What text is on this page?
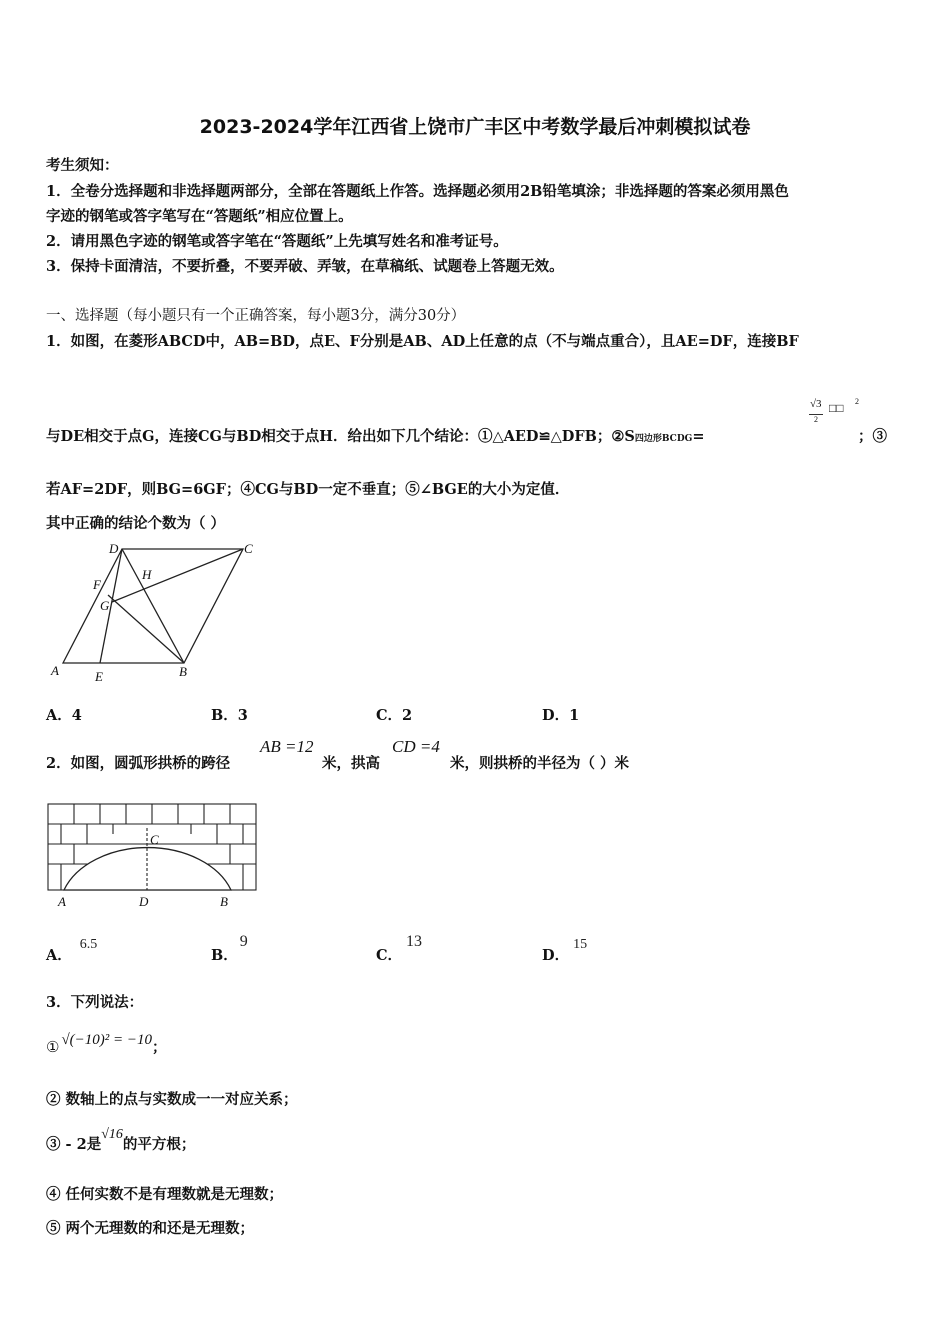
2023-2024学年江西省上饶市广丰区中考数学最后冲刺模拟试卷
考生须知：
1．全卷分选择题和非选择题两部分，全部在答题纸上作答。选择题必须用2B铅笔填涂；非选择题的答案必须用黑色
字迹的钢笔或答字笔写在“答题纸”相应位置上。
2．请用黑色字迹的钢笔或答字笔在“答题纸”上先填写姓名和准考证号。
3．保持卡面清洁，不要折叠，不要弄破、弄皱，在草稿纸、试题卷上答题无效。
一、选择题（每小题只有一个正确答案，每小题3分，满分30分）
1．如图，在菱形ABCD中，AB=BD，点E、F分别是AB、AD上任意的点（不与端点重合），且AE=DF，连接BF
与DE相交于点G，连接CG与BD相交于点H．给出如下几个结论：①△AED≌△DFB；②S四边形BCDG=
√3
2
□□ 2
；③
若AF=2DF，则BG=6GF；④CG与BD一定不垂直；⑤∠BGE的大小为定值．
其中正确的结论个数为（ ）
D	C
F
H
G
A	E	B
A．4	B．3	C．2	D．1
2．如图，圆弧形拱桥的跨径
AB =12
米，拱高
CD =4
米，则拱桥的半径为（ ）米
C
A	D	B
A．6.5
B．9
C．13
D．15
3．下列说法：
① √(−10)² = −10；
② 数轴上的点与实数成一一对应关系；
③ - 2是√16的平方根；
④ 任何实数不是有理数就是无理数；
⑤ 两个无理数的和还是无理数；
